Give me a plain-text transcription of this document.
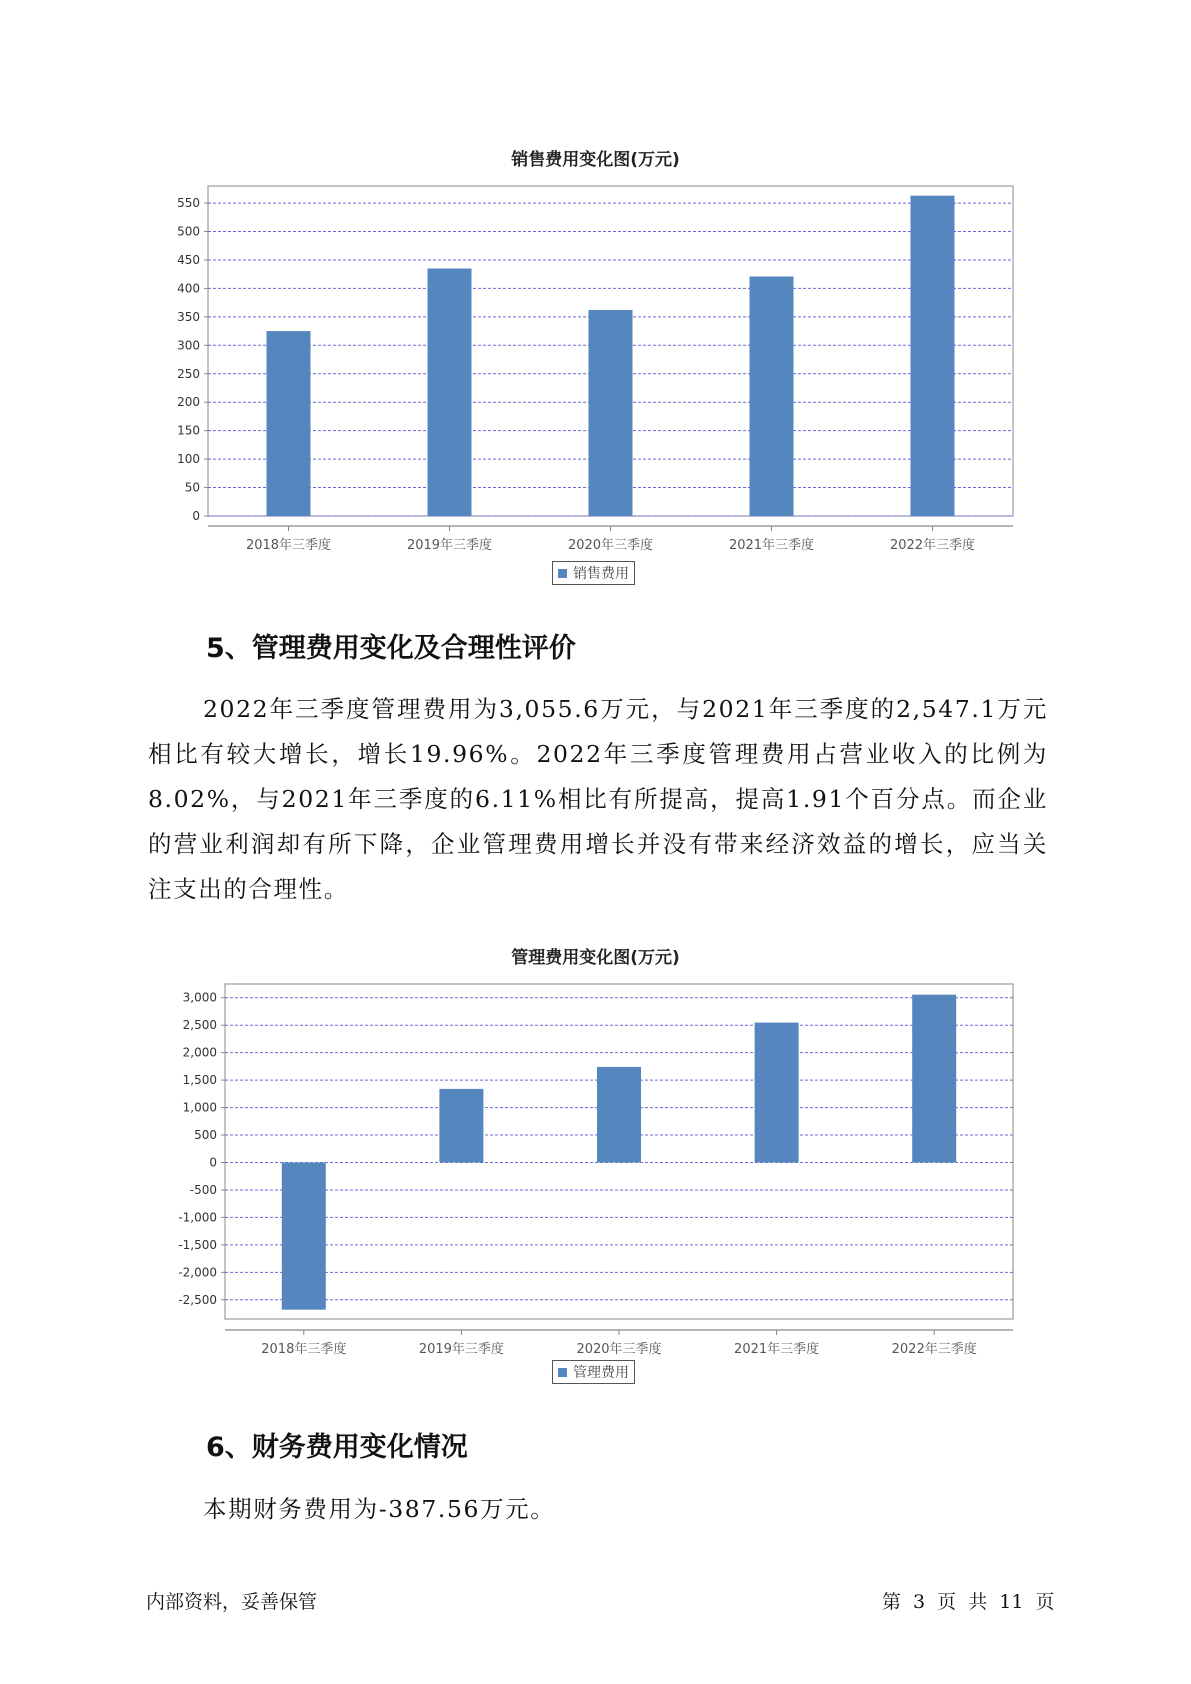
销售费用变化图(万元)
0
50
100
150
200
250
300
350
400
450
500
550
2018年三季度	2019年三季度	2020年三季度	2021年三季度	2022年三季度
销售费用
5、管理费用变化及合理性评价

2022年三季度管理费用为3,055.6万元，与2021年三季度的2,547.1万元相比有较大增长，增长19.96%。2022年三季度管理费用占营业收入的比例为8.02%，与2021年三季度的6.11%相比有所提高，提高1.91个百分点。而企业的营业利润却有所下降，企业管理费用增长并没有带来经济效益的增长，应当关注支出的合理性。

管理费用变化图(万元)
-2,500
-2,000
-1,500
-1,000
-500
0
500
1,000
1,500
2,000
2,500
3,000
2018年三季度	2019年三季度	2020年三季度	2021年三季度	2022年三季度
管理费用
6、财务费用变化情况

本期财务费用为-387.56万元。

内部资料，妥善保管	第 3 页 共 11 页
